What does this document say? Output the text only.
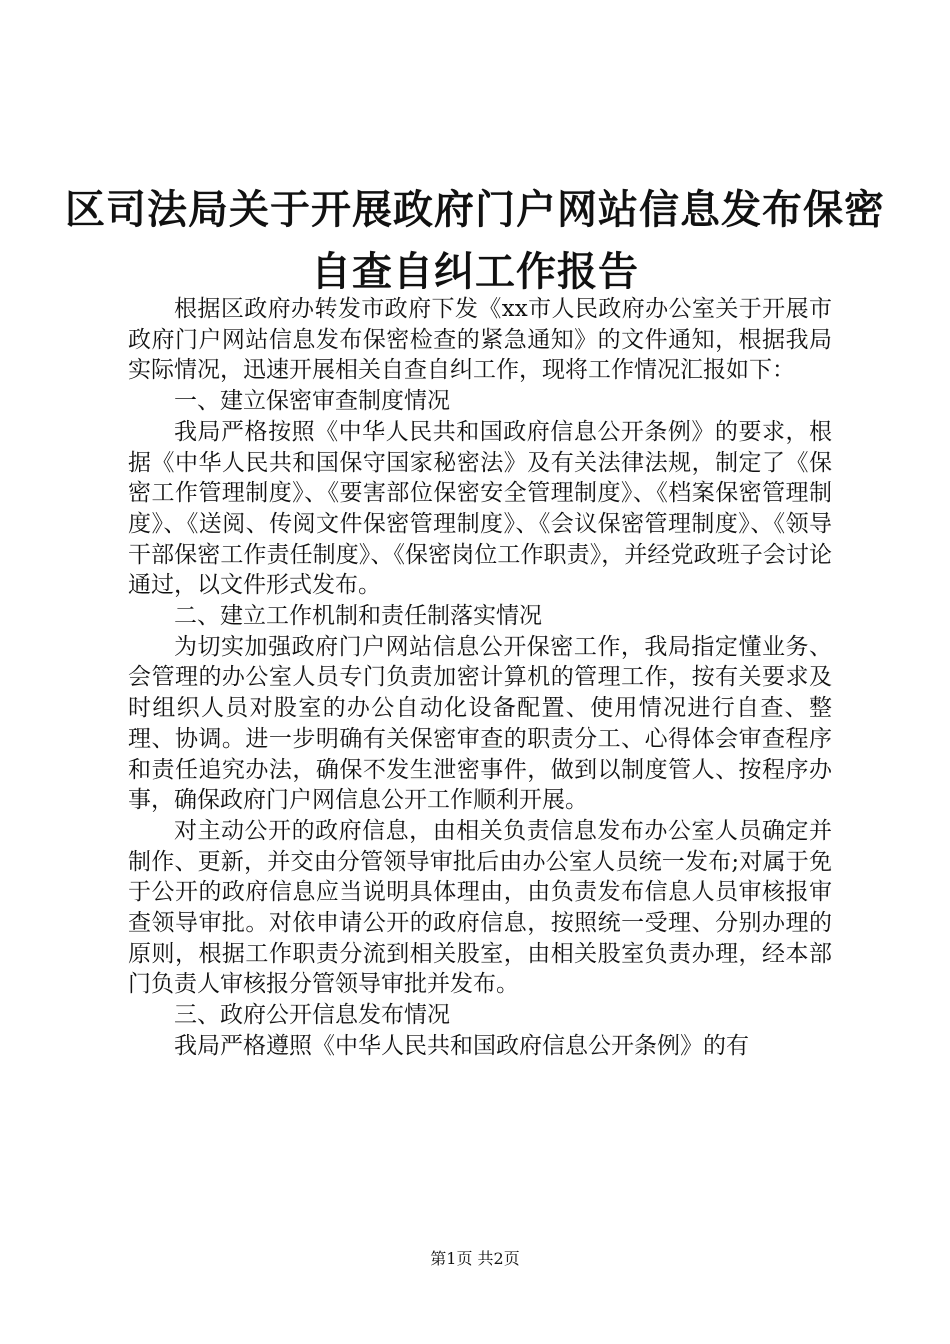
区司法局关于开展政府门户网站信息发布保密
自查自纠工作报告

根据区政府办转发市政府下发《xx市人民政府办公室关于开展市政府门户网站信息发布保密检查的紧急通知》的文件通知，根据我局实际情况，迅速开展相关自查自纠工作，现将工作情况汇报如下：

一、建立保密审查制度情况

我局严格按照《中华人民共和国政府信息公开条例》的要求，根据《中华人民共和国保守国家秘密法》及有关法律法规，制定了《保密工作管理制度》、《要害部位保密安全管理制度》、《档案保密管理制度》、《送阅、传阅文件保密管理制度》、《会议保密管理制度》、《领导干部保密工作责任制度》、《保密岗位工作职责》，并经党政班子会讨论通过，以文件形式发布。

二、建立工作机制和责任制落实情况

为切实加强政府门户网站信息公开保密工作，我局指定懂业务、会管理的办公室人员专门负责加密计算机的管理工作，按有关要求及时组织人员对股室的办公自动化设备配置、使用情况进行自查、整理、协调。进一步明确有关保密审查的职责分工、心得体会审查程序和责任追究办法，确保不发生泄密事件，做到以制度管人、按程序办事，确保政府门户网信息公开工作顺利开展。

对主动公开的政府信息，由相关负责信息发布办公室人员确定并制作、更新，并交由分管领导审批后由办公室人员统一发布;对属于免于公开的政府信息应当说明具体理由，由负责发布信息人员审核报审查领导审批。对依申请公开的政府信息，按照统一受理、分别办理的原则，根据工作职责分流到相关股室，由相关股室负责办理，经本部门负责人审核报分管领导审批并发布。

三、政府公开信息发布情况

我局严格遵照《中华人民共和国政府信息公开条例》的有

第1页 共2页
